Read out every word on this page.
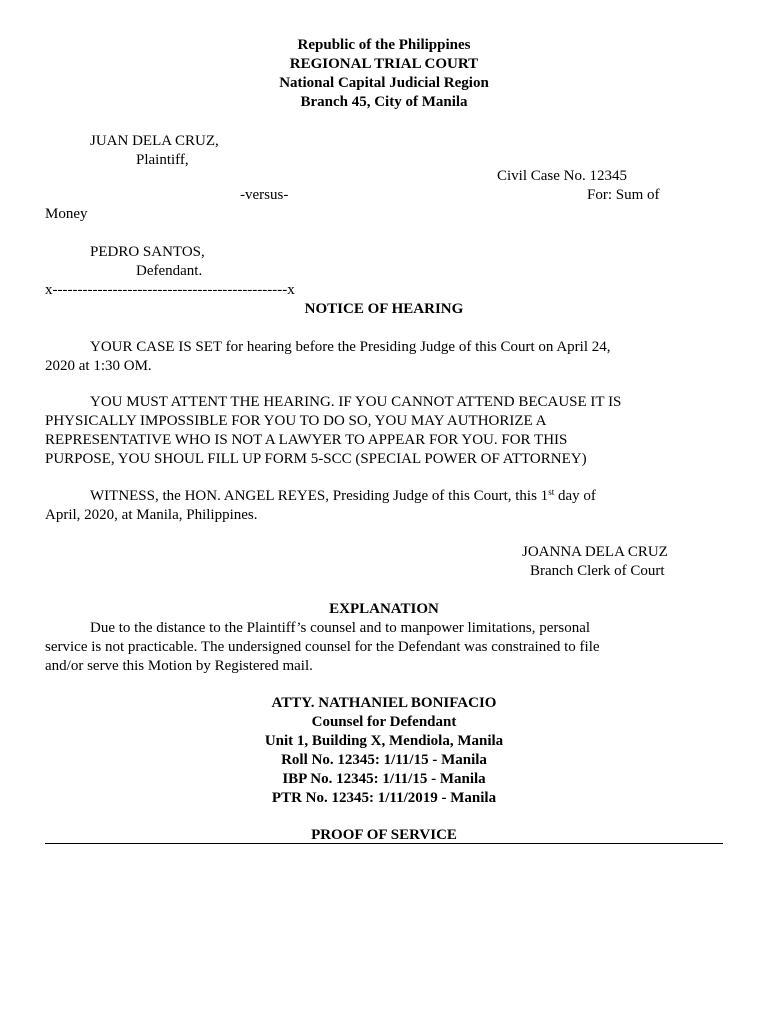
Republic of the Philippines
REGIONAL TRIAL COURT
National Capital Judicial Region
Branch 45, City of Manila
JUAN DELA CRUZ,
Plaintiff,
Civil Case No. 12345
-versus-	For: Sum of
Money
PEDRO SANTOS,
Defendant.
x-----------------------------------------------x
NOTICE OF HEARING
YOUR CASE IS SET for hearing before the Presiding Judge of this Court on April 24,
2020 at 1:30 OM.
YOU MUST ATTENT THE HEARING. IF YOU CANNOT ATTEND BECAUSE IT IS
PHYSICALLY IMPOSSIBLE FOR YOU TO DO SO, YOU MAY AUTHORIZE A
REPRESENTATIVE WHO IS NOT A LAWYER TO APPEAR FOR YOU. FOR THIS
PURPOSE, YOU SHOUL FILL UP FORM 5-SCC (SPECIAL POWER OF ATTORNEY)
WITNESS, the HON. ANGEL REYES, Presiding Judge of this Court, this 1st day of
April, 2020, at Manila, Philippines.
JOANNA DELA CRUZ
Branch Clerk of Court
EXPLANATION
Due to the distance to the Plaintiff’s counsel and to manpower limitations, personal
service is not practicable. The undersigned counsel for the Defendant was constrained to file
and/or serve this Motion by Registered mail.
ATTY. NATHANIEL BONIFACIO
Counsel for Defendant
Unit 1, Building X, Mendiola, Manila
Roll No. 12345: 1/11/15 - Manila
IBP No. 12345: 1/11/15 - Manila
PTR No. 12345: 1/11/2019 - Manila
PROOF OF SERVICE
